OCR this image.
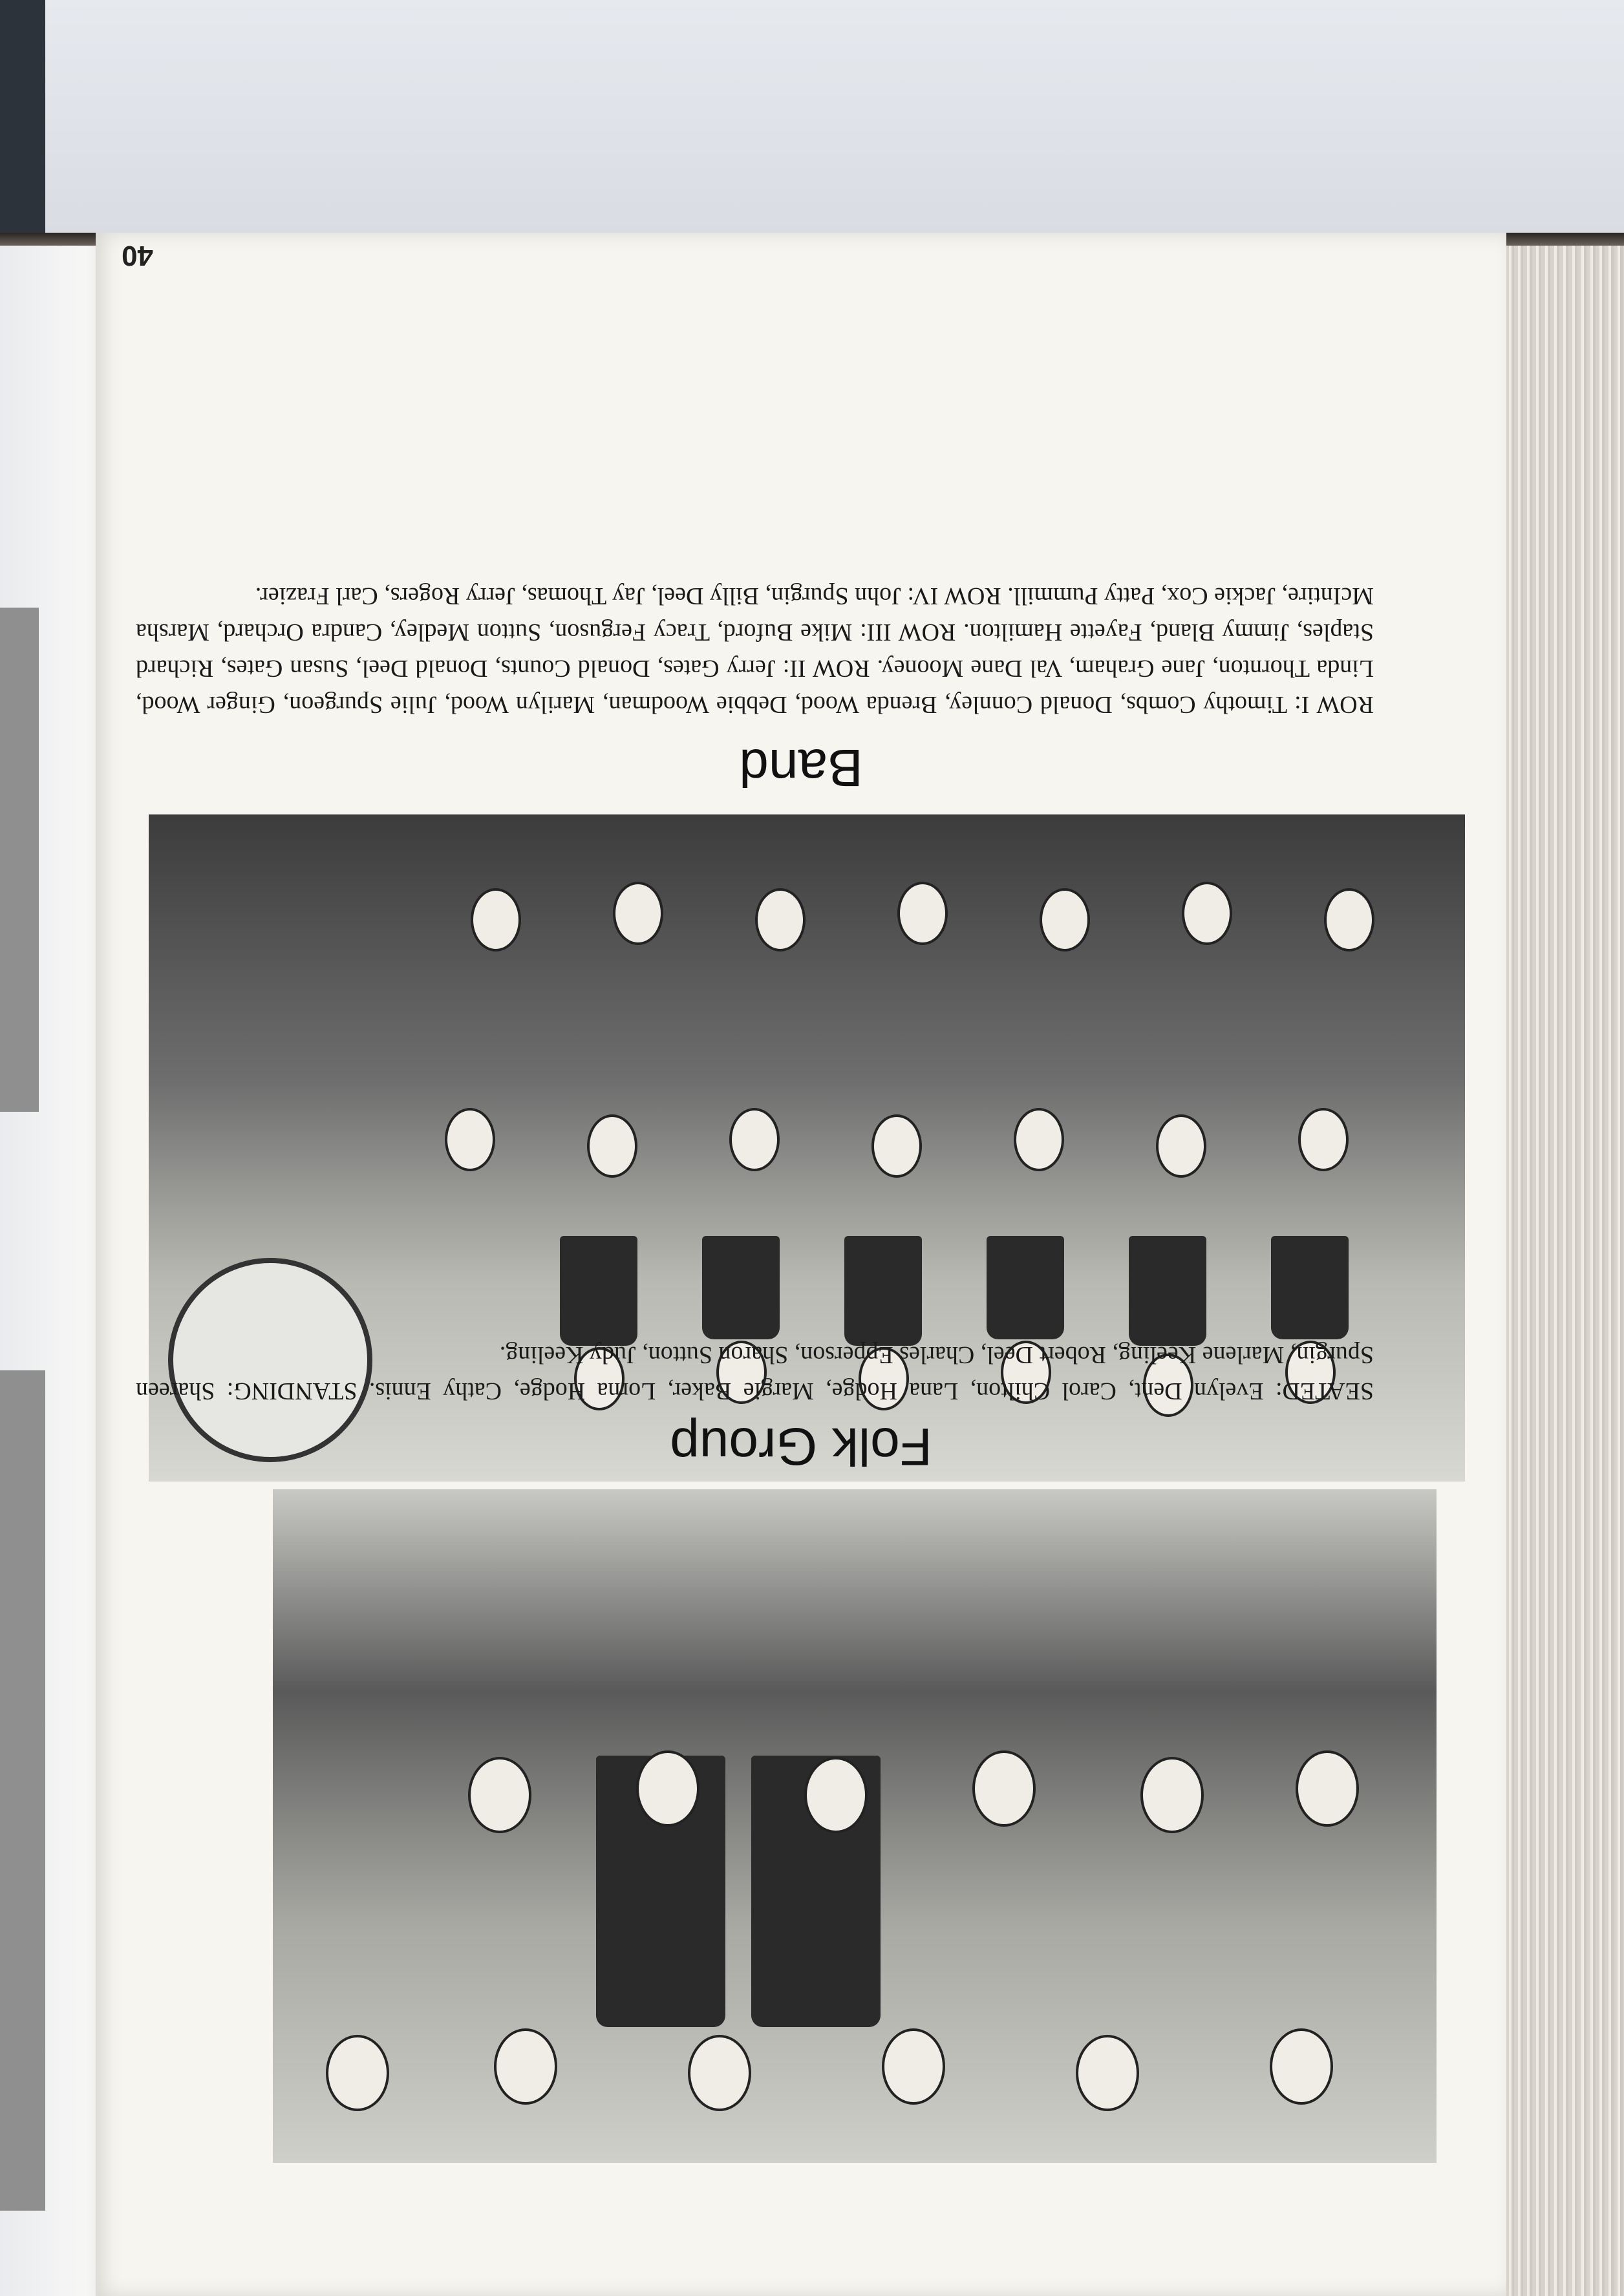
40
Band
ROW I: Timothy Combs, Donald Connley, Brenda Wood, Debbie Woodman, Marilyn Wood, Julie Spurgeon, Ginger Wood, Linda Thornton, Jane Graham, Val Dane Mooney. ROW II: Jerry Gates, Donald Counts, Donald Deel, Susan Gates, Richard Staples, Jimmy Bland, Fayette Hamilton. ROW III: Mike Buford, Tracy Ferguson, Sutton Medley, Candra Orchard, Marsha McIntire, Jackie Cox, Patty Pummill. ROW IV: John Spurgin, Billy Deel, Jay Thomas, Jerry Rogers, Carl Frazier.
Folk Group
SEATED: Evelyn Dent, Carol Chilton, Lana Hodge, Margie Baker, Lorna Hodge, Cathy Ennis. STANDING: Shareen Spurgin, Marlene Keeling, Robert Deel, Charles Epperson, Sharon Sutton, Judy Keeling.
